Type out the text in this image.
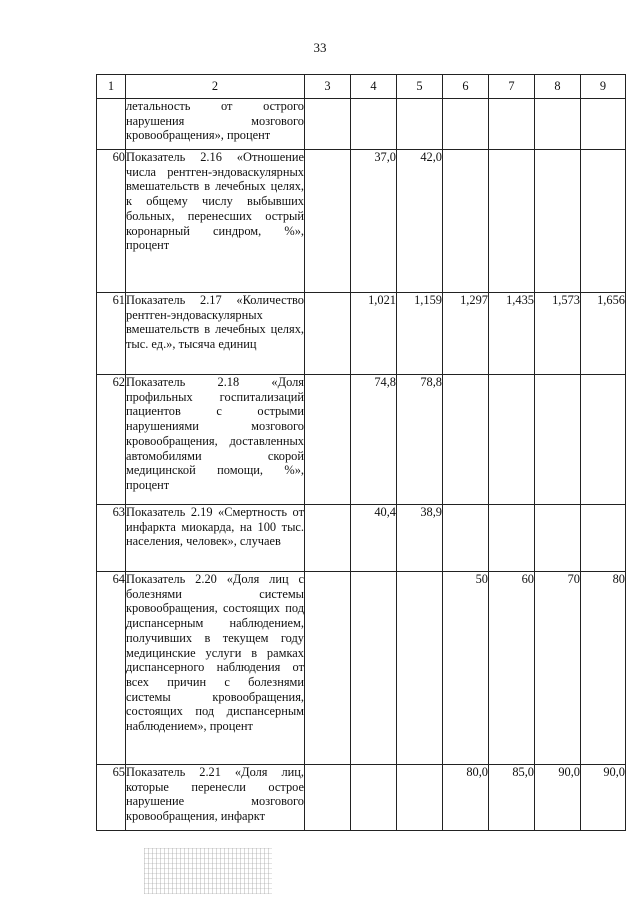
33
1	2	3	4	5	6	7	8	9
	летальность от острого нарушения мозгового кровообращения», процент							
60	Показатель 2.16 «Отношение числа рентген-эндоваскулярных вмешательств в лечебных целях, к общему числу выбывших больных, перенесших острый коронарный синдром, %», процент		37,0	42,0				
61	Показатель 2.17 «Количество рентген-эндоваскулярных вмешательств в лечебных целях, тыс. ед.», тысяча единиц		1,021	1,159	1,297	1,435	1,573	1,656
62	Показатель 2.18 «Доля профильных госпитализаций пациентов с острыми нарушениями мозгового кровообращения, доставленных автомобилями скорой медицинской помощи, %», процент		74,8	78,8				
63	Показатель 2.19 «Смертность от инфаркта миокарда, на 100 тыс. населения, человек», случаев		40,4	38,9				
64	Показатель 2.20 «Доля лиц с болезнями системы кровообращения, состоящих под диспансерным наблюдением, получивших в текущем году медицинские услуги в рамках диспансерного наблюдения от всех причин с болезнями системы кровообращения, состоящих под диспансерным наблюдением», процент				50	60	70	80
65	Показатель 2.21 «Доля лиц, которые перенесли острое нарушение мозгового кровообращения, инфаркт				80,0	85,0	90,0	90,0
